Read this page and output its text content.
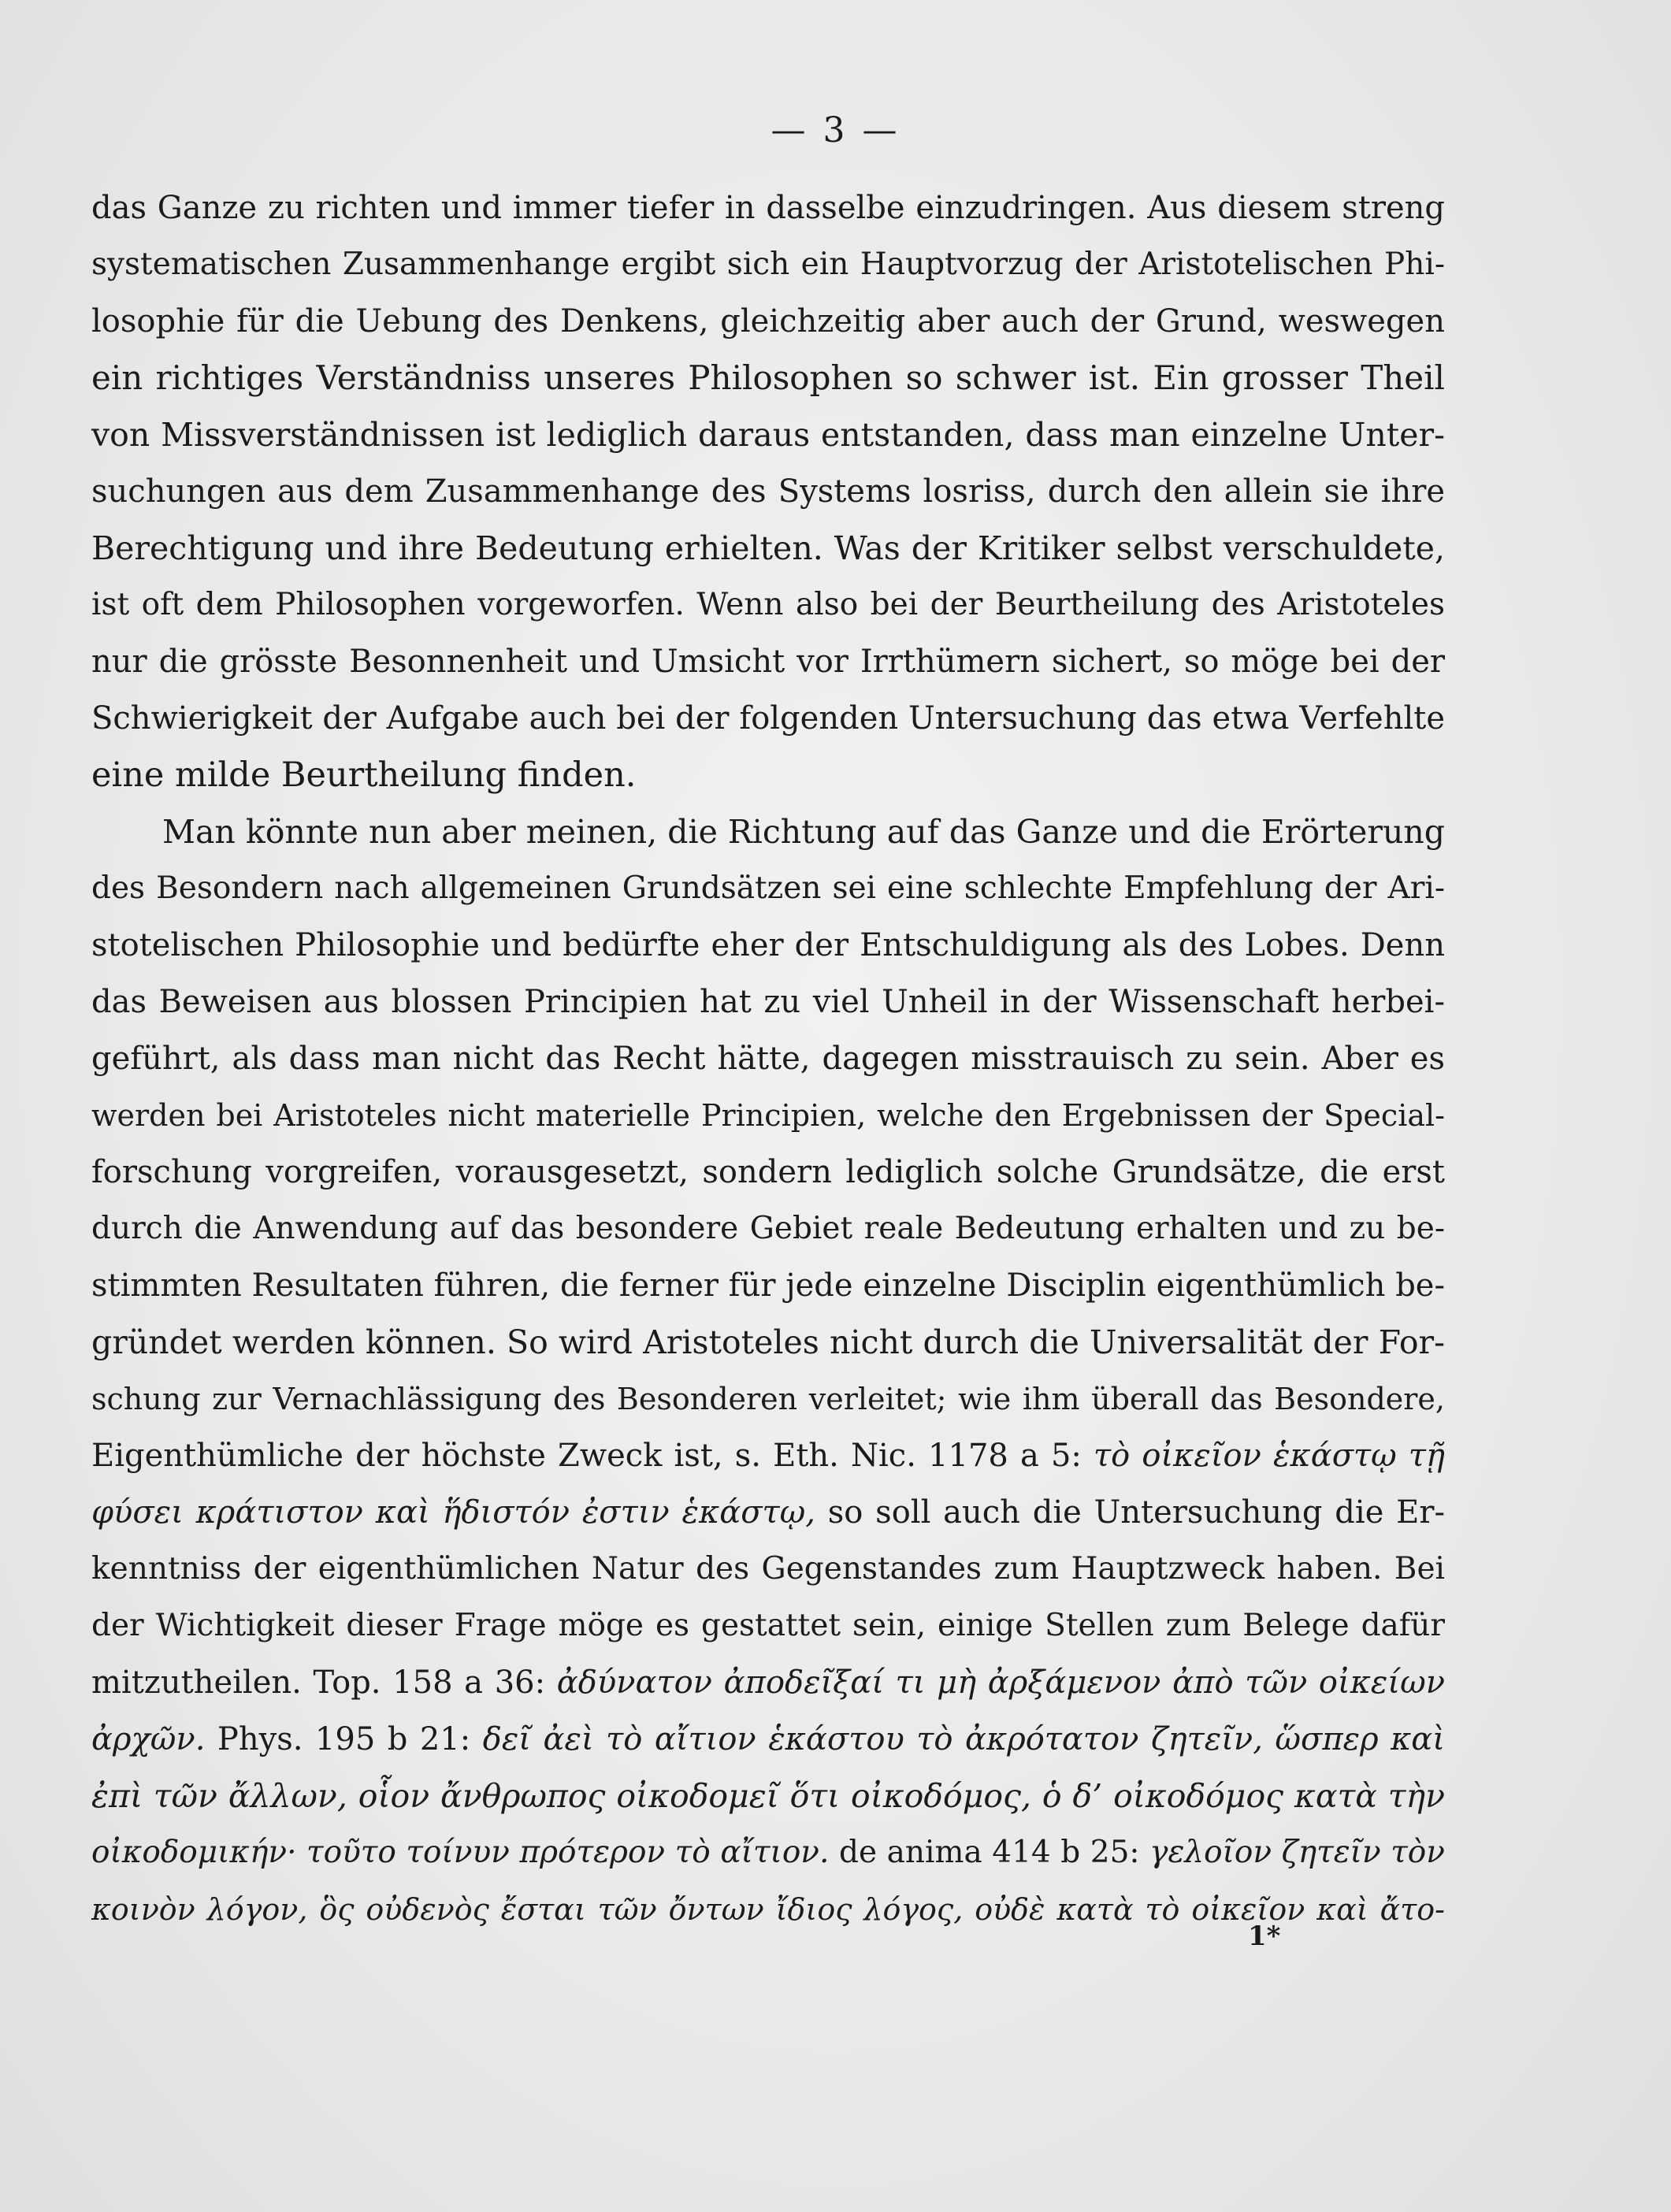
— 3 —
das Ganze zu richten und immer tiefer in dasselbe einzudringen. Aus diesem streng
systematischen Zusammenhange ergibt sich ein Hauptvorzug der Aristotelischen Phi-
losophie für die Uebung des Denkens, gleichzeitig aber auch der Grund, weswegen
ein richtiges Verständniss unseres Philosophen so schwer ist. Ein grosser Theil
von Missverständnissen ist lediglich daraus entstanden, dass man einzelne Unter-
suchungen aus dem Zusammenhange des Systems losriss, durch den allein sie ihre
Berechtigung und ihre Bedeutung erhielten. Was der Kritiker selbst verschuldete,
ist oft dem Philosophen vorgeworfen. Wenn also bei der Beurtheilung des Aristoteles
nur die grösste Besonnenheit und Umsicht vor Irrthümern sichert, so möge bei der
Schwierigkeit der Aufgabe auch bei der folgenden Untersuchung das etwa Verfehlte
eine milde Beurtheilung finden.
Man könnte nun aber meinen, die Richtung auf das Ganze und die Erörterung
des Besondern nach allgemeinen Grundsätzen sei eine schlechte Empfehlung der Ari-
stotelischen Philosophie und bedürfte eher der Entschuldigung als des Lobes. Denn
das Beweisen aus blossen Principien hat zu viel Unheil in der Wissenschaft herbei-
geführt, als dass man nicht das Recht hätte, dagegen misstrauisch zu sein. Aber es
werden bei Aristoteles nicht materielle Principien, welche den Ergebnissen der Special-
forschung vorgreifen, vorausgesetzt, sondern lediglich solche Grundsätze, die erst
durch die Anwendung auf das besondere Gebiet reale Bedeutung erhalten und zu be-
stimmten Resultaten führen, die ferner für jede einzelne Disciplin eigenthümlich be-
gründet werden können. So wird Aristoteles nicht durch die Universalität der For-
schung zur Vernachlässigung des Besonderen verleitet; wie ihm überall das Besondere,
Eigenthümliche der höchste Zweck ist, s. Eth. Nic. 1178 a 5: τὸ οἰκεῖον ἑκάστῳ τῇ
φύσει κράτιστον καὶ ἥδιστόν ἐστιν ἑκάστῳ, so soll auch die Untersuchung die Er-
kenntniss der eigenthümlichen Natur des Gegenstandes zum Hauptzweck haben. Bei
der Wichtigkeit dieser Frage möge es gestattet sein, einige Stellen zum Belege dafür
mitzutheilen. Top. 158 a 36: ἀδύνατον ἀποδεῖξαί τι μὴ ἀρξάμενον ἀπὸ τῶν οἰκείων
ἀρχῶν. Phys. 195 b 21: δεῖ ἀεὶ τὸ αἴτιον ἑκάστου τὸ ἀκρότατον ζητεῖν, ὥσπερ καὶ
ἐπὶ τῶν ἄλλων, οἷον ἄνθρωπος οἰκοδομεῖ ὅτι οἰκοδόμος, ὁ δ’ οἰκοδόμος κατὰ τὴν
οἰκοδομικήν· τοῦτο τοίνυν πρότερον τὸ αἴτιον. de anima 414 b 25: γελοῖον ζητεῖν τὸν
κοινὸν λόγον, ὃς οὐδενὸς ἔσται τῶν ὄντων ἴδιος λόγος, οὐδὲ κατὰ τὸ οἰκεῖον καὶ ἄτο-
1*
